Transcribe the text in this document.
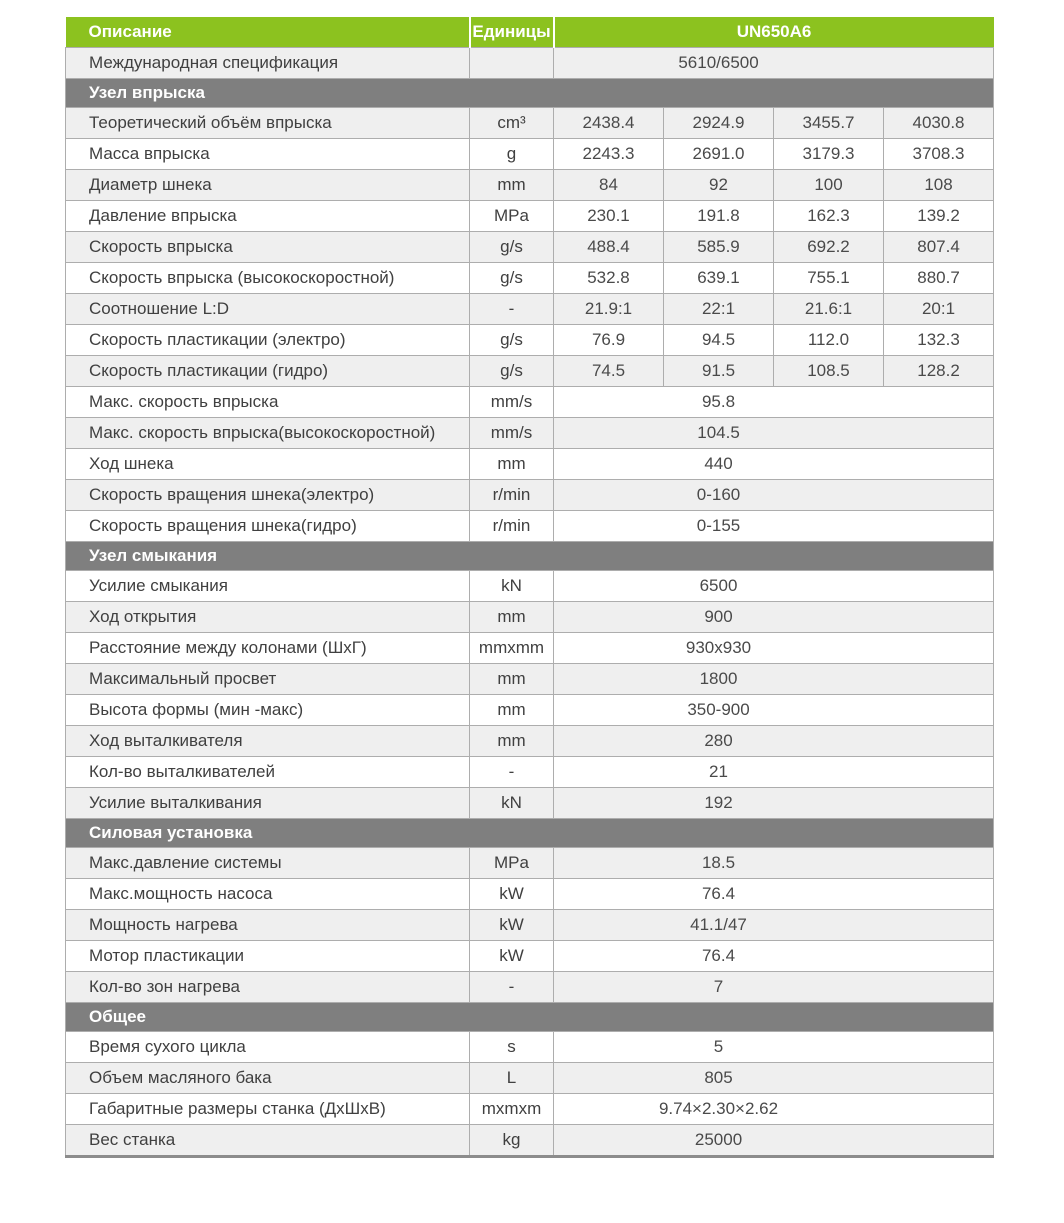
Описание	Единицы	UN650A6			
Международная спецификация		5610/6500			
Узел впрыска					
Теоретический объём впрыска	cm³	2438.4	2924.9	3455.7	4030.8
Масса впрыска	g	2243.3	2691.0	3179.3	3708.3
Диаметр шнека	mm	84	92	100	108
Давление впрыска	MPa	230.1	191.8	162.3	139.2
Скорость впрыска	g/s	488.4	585.9	692.2	807.4
Скорость впрыска (высокоскоростной)	g/s	532.8	639.1	755.1	880.7
Соотношение L:D	-	21.9:1	22:1	21.6:1	20:1
Скорость пластикации (электро)	g/s	76.9	94.5	112.0	132.3
Скорость пластикации (гидро)	g/s	74.5	91.5	108.5	128.2
Макс. скорость впрыска	mm/s	95.8			
Макс. скорость впрыска(высокоскоростной)	mm/s	104.5			
Ход шнека	mm	440			
Скорость вращения шнека(электро)	r/min	0-160			
Скорость вращения шнека(гидро)	r/min	0-155			
Узел смыкания					
Усилие смыкания	kN	6500			
Ход открытия	mm	900			
Расстояние между колонами (ШхГ)	mmxmm	930x930			
Максимальный просвет	mm	1800			
Высота формы (мин -макс)	mm	350-900			
Ход выталкивателя	mm	280			
Кол-во выталкивателей	-	21			
Усилие выталкивания	kN	192			
Силовая установка					
Макс.давление системы	MPa	18.5			
Макс.мощность насоса	kW	76.4			
Мощность нагрева	kW	41.1/47			
Мотор пластикации	kW	76.4			
Кол-во зон нагрева	-	7			
Общее					
Время сухого цикла	s	5			
Объем масляного бака	L	805			
Габаритные размеры станка (ДхШхВ)	mxmxm	9.74×2.30×2.62			
Вес станка	kg	25000			
